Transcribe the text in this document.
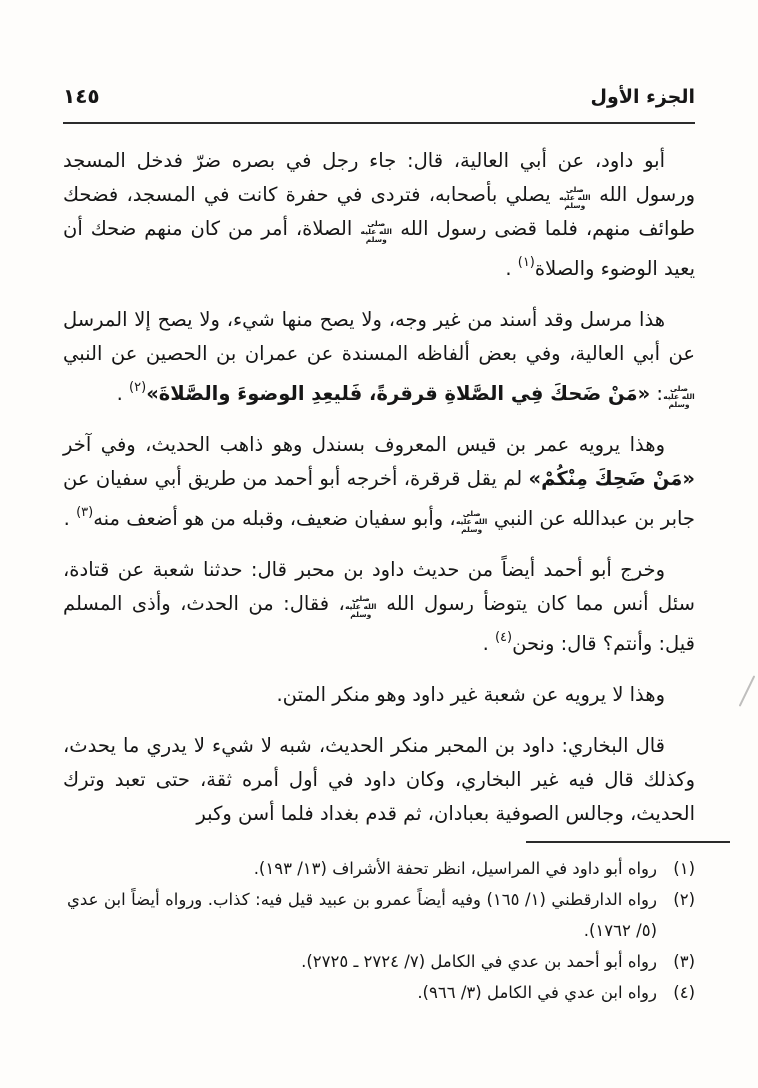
الجزء الأول
١٤٥

أبو داود، عن أبي العالية، قال: جاء رجل في بصره ضرّ فدخل المسجد ورسول الله صلى الله عليه وسلم يصلي بأصحابه، فتردى في حفرة كانت في المسجد، فضحك طوائف منهم، فلما قضى رسول الله صلى الله عليه وسلم الصلاة، أمر من كان منهم ضحك أن يعيد الوضوء والصلاة$^{(١)}$ .

هذا مرسل وقد أسند من غير وجه، ولا يصح منها شيء، ولا يصح إلا المرسل عن أبي العالية، وفي بعض ألفاظه المسندة عن عمران بن الحصين عن النبي صلى الله عليه وسلم: «مَنْ ضَحكَ فِي الصَّلاةِ قرقرةً، فَليعِدِ الوضوءَ والصَّلاةَ»$^{(٢)}$ .

وهذا يرويه عمر بن قيس المعروف بسندل وهو ذاهب الحديث، وفي آخر «مَنْ ضَحِكَ مِنْكُمْ» لم يقل قرقرة، أخرجه أبو أحمد من طريق أبي سفيان عن جابر بن عبدالله عن النبي صلى الله عليه وسلم، وأبو سفيان ضعيف، وقبله من هو أضعف منه$^{(٣)}$ .

وخرج أبو أحمد أيضاً من حديث داود بن محبر قال: حدثنا شعبة عن قتادة، سئل أنس مما كان يتوضأ رسول الله صلى الله عليه وسلم، فقال: من الحدث، وأذى المسلم قيل: وأنتم؟ قال: ونحن$^{(٤)}$ .

وهذا لا يرويه عن شعبة غير داود وهو منكر المتن.

قال البخاري: داود بن المحبر منكر الحديث، شبه لا شيء لا يدري ما يحدث، وكذلك قال فيه غير البخاري، وكان داود في أول أمره ثقة، حتى تعبد وترك الحديث، وجالس الصوفية بعبادان، ثم قدم بغداد فلما أسن وكبر

(١)
رواه أبو داود في المراسيل، انظر تحفة الأشراف (١٣/ ١٩٣).
(٢)
رواه الدارقطني (١/ ١٦٥) وفيه أيضاً عمرو بن عبيد قيل فيه: كذاب. ورواه أيضاً ابن عدي (٥/ ١٧٦٢).
(٣)
رواه أبو أحمد بن عدي في الكامل (٧/ ٢٧٢٤ ـ ٢٧٢٥).
(٤)
رواه ابن عدي في الكامل (٣/ ٩٦٦).
